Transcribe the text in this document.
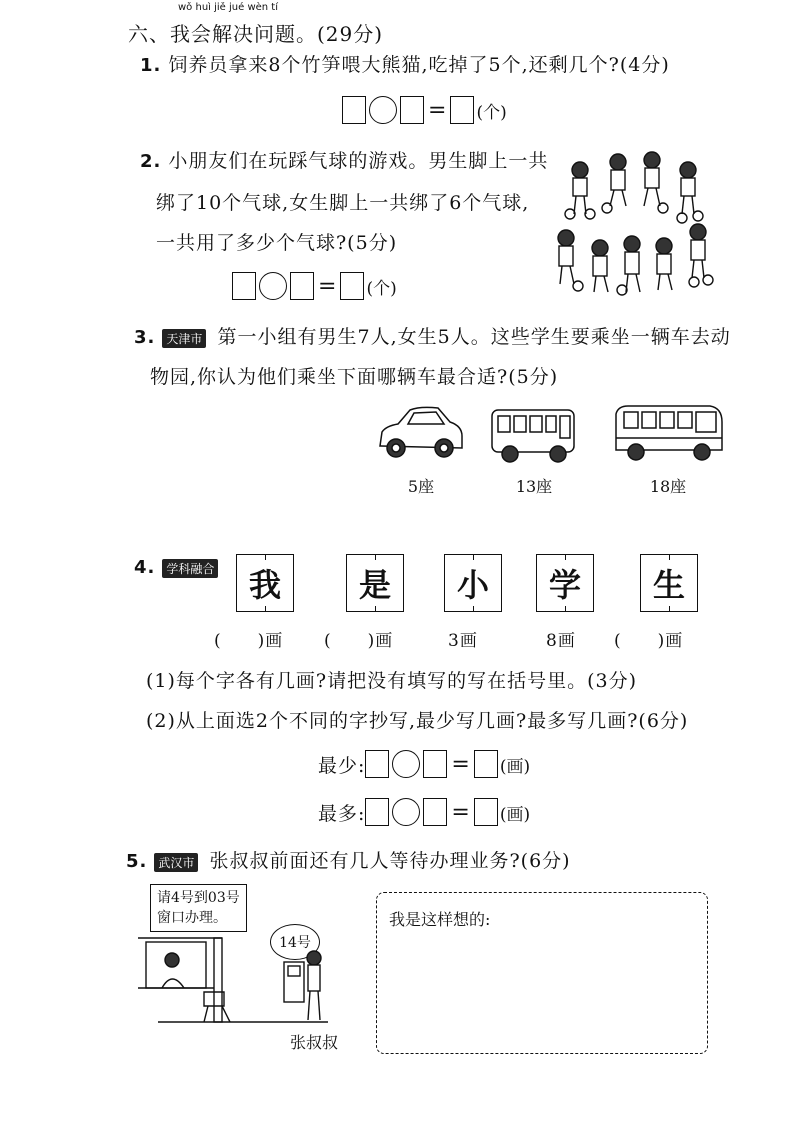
wǒ huì jiě jué wèn tí
六、我会解决问题。(29分)
1. 饲养员拿来8个竹笋喂大熊猫,吃掉了5个,还剩几个?(4分)
= (个)
2. 小朋友们在玩踩气球的游戏。男生脚上一共
绑了10个气球,女生脚上一共绑了6个气球,
一共用了多少个气球?(5分)
= (个)
3. 天津市 第一小组有男生7人,女生5人。这些学生要乘坐一辆车去动
物园,你认为他们乘坐下面哪辆车最合适?(5分)
5座	13座	18座
4. 学科融合 我 是 小 学 生
(　　)画 (　　)画	3画	8画 (　　)画
(1)每个字各有几画?请把没有填写的写在括号里。(3分)
(2)从上面选2个不同的字抄写,最少写几画?最多写几画?(6分)
最少:	= (画)
最多:	= (画)
5. 武汉市 张叔叔前面还有几人等待办理业务?(6分)
请4号到03号
窗口办理。
14号
张叔叔
我是这样想的:
